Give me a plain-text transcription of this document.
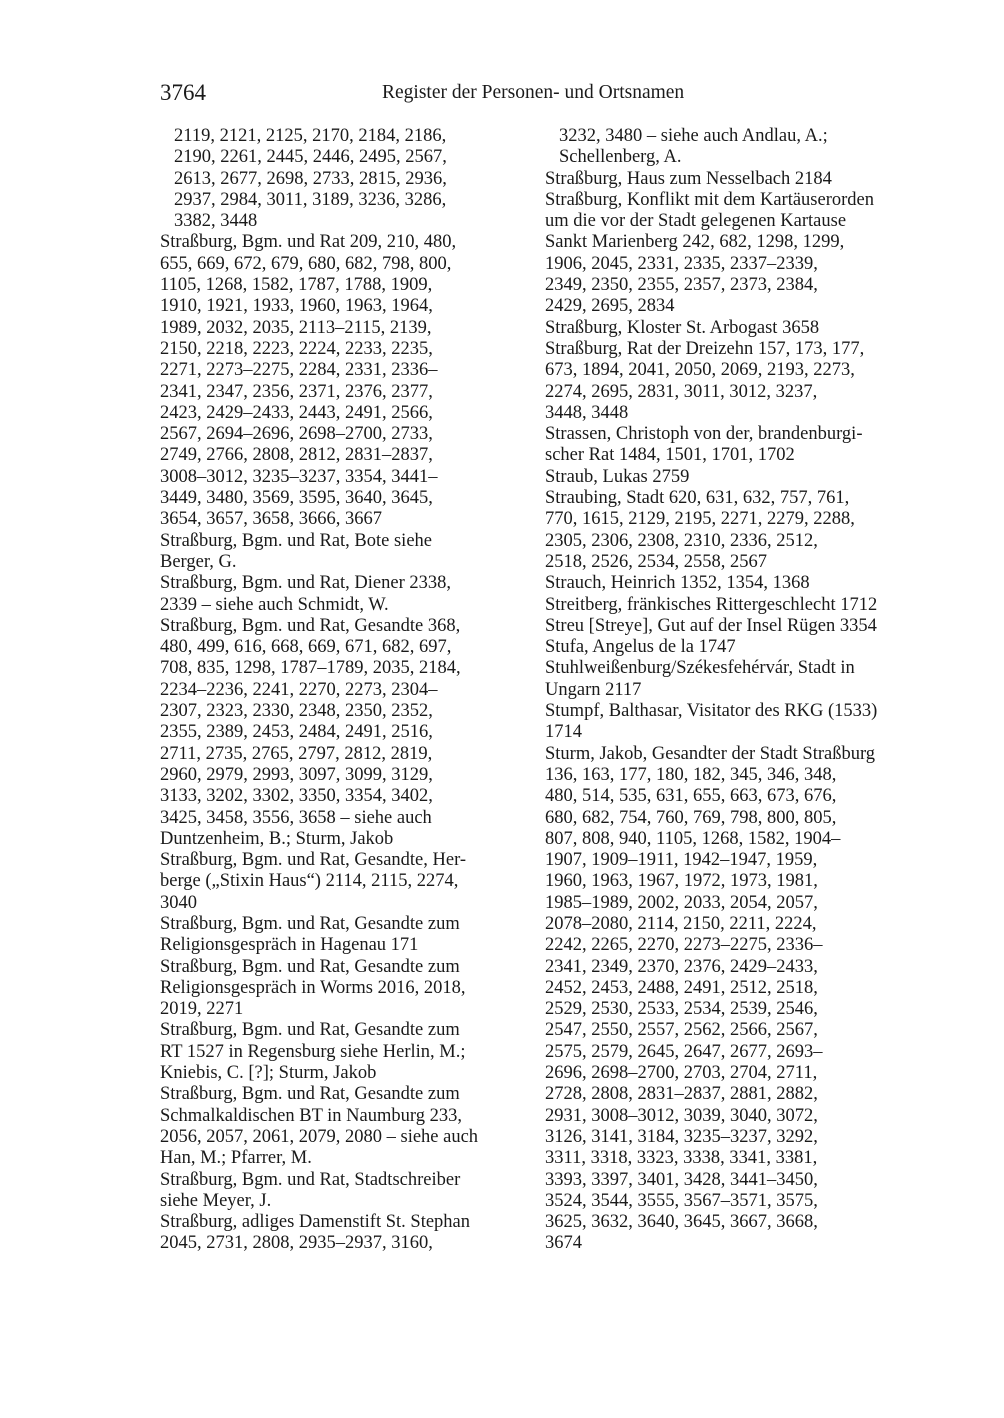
3764	Register der Personen- und Ortsnamen

2119, 2121, 2125, 2170, 2184, 2186,
2190, 2261, 2445, 2446, 2495, 2567,
2613, 2677, 2698, 2733, 2815, 2936,
2937, 2984, 3011, 3189, 3236, 3286,
3382, 3448

Straßburg, Bgm. und Rat 209, 210, 480,
655, 669, 672, 679, 680, 682, 798, 800,
1105, 1268, 1582, 1787, 1788, 1909,
1910, 1921, 1933, 1960, 1963, 1964,
1989, 2032, 2035, 2113–2115, 2139,
2150, 2218, 2223, 2224, 2233, 2235,
2271, 2273–2275, 2284, 2331, 2336–
2341, 2347, 2356, 2371, 2376, 2377,
2423, 2429–2433, 2443, 2491, 2566,
2567, 2694–2696, 2698–2700, 2733,
2749, 2766, 2808, 2812, 2831–2837,
3008–3012, 3235–3237, 3354, 3441–
3449, 3480, 3569, 3595, 3640, 3645,
3654, 3657, 3658, 3666, 3667

Straßburg, Bgm. und Rat, Bote siehe
Berger, G.

Straßburg, Bgm. und Rat, Diener 2338,
2339 – siehe auch Schmidt, W.

Straßburg, Bgm. und Rat, Gesandte 368,
480, 499, 616, 668, 669, 671, 682, 697,
708, 835, 1298, 1787–1789, 2035, 2184,
2234–2236, 2241, 2270, 2273, 2304–
2307, 2323, 2330, 2348, 2350, 2352,
2355, 2389, 2453, 2484, 2491, 2516,
2711, 2735, 2765, 2797, 2812, 2819,
2960, 2979, 2993, 3097, 3099, 3129,
3133, 3202, 3302, 3350, 3354, 3402,
3425, 3458, 3556, 3658 – siehe auch
Duntzenheim, B.; Sturm, Jakob

Straßburg, Bgm. und Rat, Gesandte, Her-
berge („Stixin Haus“) 2114, 2115, 2274,
3040

Straßburg, Bgm. und Rat, Gesandte zum
Religionsgespräch in Hagenau 171

Straßburg, Bgm. und Rat, Gesandte zum
Religionsgespräch in Worms 2016, 2018,
2019, 2271

Straßburg, Bgm. und Rat, Gesandte zum
RT 1527 in Regensburg siehe Herlin, M.;
Kniebis, C. [?]; Sturm, Jakob

Straßburg, Bgm. und Rat, Gesandte zum
Schmalkaldischen BT in Naumburg 233,
2056, 2057, 2061, 2079, 2080 – siehe auch
Han, M.; Pfarrer, M.

Straßburg, Bgm. und Rat, Stadtschreiber
siehe Meyer, J.

Straßburg, adliges Damenstift St. Stephan
2045, 2731, 2808, 2935–2937, 3160,

3232, 3480 – siehe auch Andlau, A.;
Schellenberg, A.

Straßburg, Haus zum Nesselbach 2184

Straßburg, Konflikt mit dem Kartäuserorden
um die vor der Stadt gelegenen Kartause
Sankt Marienberg 242, 682, 1298, 1299,
1906, 2045, 2331, 2335, 2337–2339,
2349, 2350, 2355, 2357, 2373, 2384,
2429, 2695, 2834

Straßburg, Kloster St. Arbogast 3658

Straßburg, Rat der Dreizehn 157, 173, 177,
673, 1894, 2041, 2050, 2069, 2193, 2273,
2274, 2695, 2831, 3011, 3012, 3237,
3448, 3448

Strassen, Christoph von der, brandenburgi-
scher Rat 1484, 1501, 1701, 1702

Straub, Lukas 2759

Straubing, Stadt 620, 631, 632, 757, 761,
770, 1615, 2129, 2195, 2271, 2279, 2288,
2305, 2306, 2308, 2310, 2336, 2512,
2518, 2526, 2534, 2558, 2567

Strauch, Heinrich 1352, 1354, 1368

Streitberg, fränkisches Rittergeschlecht 1712

Streu [Streye], Gut auf der Insel Rügen 3354

Stufa, Angelus de la 1747

Stuhlweißenburg/Székesfehérvár, Stadt in
Ungarn 2117

Stumpf, Balthasar, Visitator des RKG (1533)
1714

Sturm, Jakob, Gesandter der Stadt Straßburg
136, 163, 177, 180, 182, 345, 346, 348,
480, 514, 535, 631, 655, 663, 673, 676,
680, 682, 754, 760, 769, 798, 800, 805,
807, 808, 940, 1105, 1268, 1582, 1904–
1907, 1909–1911, 1942–1947, 1959,
1960, 1963, 1967, 1972, 1973, 1981,
1985–1989, 2002, 2033, 2054, 2057,
2078–2080, 2114, 2150, 2211, 2224,
2242, 2265, 2270, 2273–2275, 2336–
2341, 2349, 2370, 2376, 2429–2433,
2452, 2453, 2488, 2491, 2512, 2518,
2529, 2530, 2533, 2534, 2539, 2546,
2547, 2550, 2557, 2562, 2566, 2567,
2575, 2579, 2645, 2647, 2677, 2693–
2696, 2698–2700, 2703, 2704, 2711,
2728, 2808, 2831–2837, 2881, 2882,
2931, 3008–3012, 3039, 3040, 3072,
3126, 3141, 3184, 3235–3237, 3292,
3311, 3318, 3323, 3338, 3341, 3381,
3393, 3397, 3401, 3428, 3441–3450,
3524, 3544, 3555, 3567–3571, 3575,
3625, 3632, 3640, 3645, 3667, 3668,
3674
